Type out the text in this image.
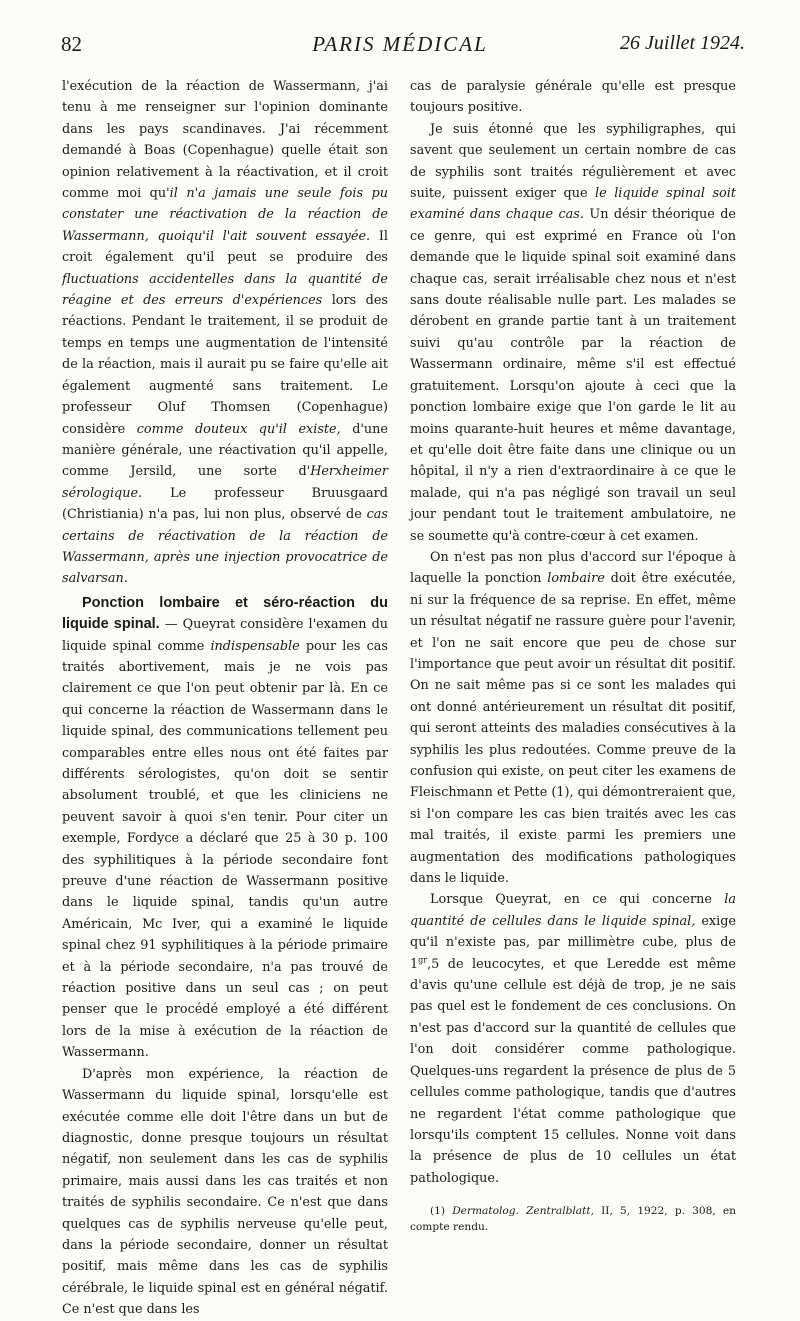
82	PARIS MÉDICAL	26 Juillet 1924.

l'exécution de la réaction de Wassermann, j'ai tenu à me renseigner sur l'opinion dominante dans les pays scandinaves. J'ai récemment demandé à Boas (Copenhague) quelle était son opinion relativement à la réactivation, et il croit comme moi qu'il n'a jamais une seule fois pu constater une réactivation de la réaction de Wassermann, quoiqu'il l'ait souvent essayée. Il croit également qu'il peut se produire des fluctuations accidentelles dans la quantité de réagine et des erreurs d'expériences lors des réactions. Pendant le traitement, il se produit de temps en temps une augmentation de l'intensité de la réaction, mais il aurait pu se faire qu'elle ait également augmenté sans traitement. Le professeur Oluf Thomsen (Copenhague) considère comme douteux qu'il existe, d'une manière générale, une réactivation qu'il appelle, comme Jersild, une sorte d'Herxheimer sérologique. Le professeur Bruusgaard (Christiania) n'a pas, lui non plus, observé de cas certains de réactivation de la réaction de Wassermann, après une injection provocatrice de salvarsan.

Ponction lombaire et séro-réaction du liquide spinal. — Queyrat considère l'examen du liquide spinal comme indispensable pour les cas traités abortivement, mais je ne vois pas clairement ce que l'on peut obtenir par là. En ce qui concerne la réaction de Wassermann dans le liquide spinal, des communications tellement peu comparables entre elles nous ont été faites par différents sérologistes, qu'on doit se sentir absolument troublé, et que les cliniciens ne peuvent savoir à quoi s'en tenir. Pour citer un exemple, Fordyce a déclaré que 25 à 30 p. 100 des syphilitiques à la période secondaire font preuve d'une réaction de Wassermann positive dans le liquide spinal, tandis qu'un autre Américain, Mc Iver, qui a examiné le liquide spinal chez 91 syphilitiques à la période primaire et à la période secondaire, n'a pas trouvé de réaction positive dans un seul cas ; on peut penser que le procédé employé a été différent lors de la mise à exécution de la réaction de Wassermann.

D'après mon expérience, la réaction de Wassermann du liquide spinal, lorsqu'elle est exécutée comme elle doit l'être dans un but de diagnostic, donne presque toujours un résultat négatif, non seulement dans les cas de syphilis primaire, mais aussi dans les cas traités et non traités de syphilis secondaire. Ce n'est que dans quelques cas de syphilis nerveuse qu'elle peut, dans la période secondaire, donner un résultat positif, mais même dans les cas de syphilis cérébrale, le liquide spinal est en général négatif. Ce n'est que dans les

cas de paralysie générale qu'elle est presque toujours positive.

Je suis étonné que les syphiligraphes, qui savent que seulement un certain nombre de cas de syphilis sont traités régulièrement et avec suite, puissent exiger que le liquide spinal soit examiné dans chaque cas. Un désir théorique de ce genre, qui est exprimé en France où l'on demande que le liquide spinal soit examiné dans chaque cas, serait irréalisable chez nous et n'est sans doute réalisable nulle part. Les malades se dérobent en grande partie tant à un traitement suivi qu'au contrôle par la réaction de Wassermann ordinaire, même s'il est effectué gratuitement. Lorsqu'on ajoute à ceci que la ponction lombaire exige que l'on garde le lit au moins quarante-huit heures et même davantage, et qu'elle doit être faite dans une clinique ou un hôpital, il n'y a rien d'extraordinaire à ce que le malade, qui n'a pas négligé son travail un seul jour pendant tout le traitement ambulatoire, ne se soumette qu'à contre-cœur à cet examen.

On n'est pas non plus d'accord sur l'époque à laquelle la ponction lombaire doit être exécutée, ni sur la fréquence de sa reprise. En effet, même un résultat négatif ne rassure guère pour l'avenir, et l'on ne sait encore que peu de chose sur l'importance que peut avoir un résultat dit positif. On ne sait même pas si ce sont les malades qui ont donné antérieurement un résultat dit positif, qui seront atteints des maladies consécutives à la syphilis les plus redoutées. Comme preuve de la confusion qui existe, on peut citer les examens de Fleischmann et Pette (1), qui démontreraient que, si l'on compare les cas bien traités avec les cas mal traités, il existe parmi les premiers une augmentation des modifications pathologiques dans le liquide.

Lorsque Queyrat, en ce qui concerne la quantité de cellules dans le liquide spinal, exige qu'il n'existe pas, par millimètre cube, plus de $1^{gr},5$ de leucocytes, et que Leredde est même d'avis qu'une cellule est déjà de trop, je ne sais pas quel est le fondement de ces conclusions. On n'est pas d'accord sur la quantité de cellules que l'on doit considérer comme pathologique. Quelques-uns regardent la présence de plus de 5 cellules comme pathologique, tandis que d'autres ne regardent l'état comme pathologique que lorsqu'ils comptent 15 cellules. Nonne voit dans la présence de plus de 10 cellules un état pathologique.

(1) Dermatolog. Zentralblatt, II, 5, 1922, p. 308, en compte rendu.
